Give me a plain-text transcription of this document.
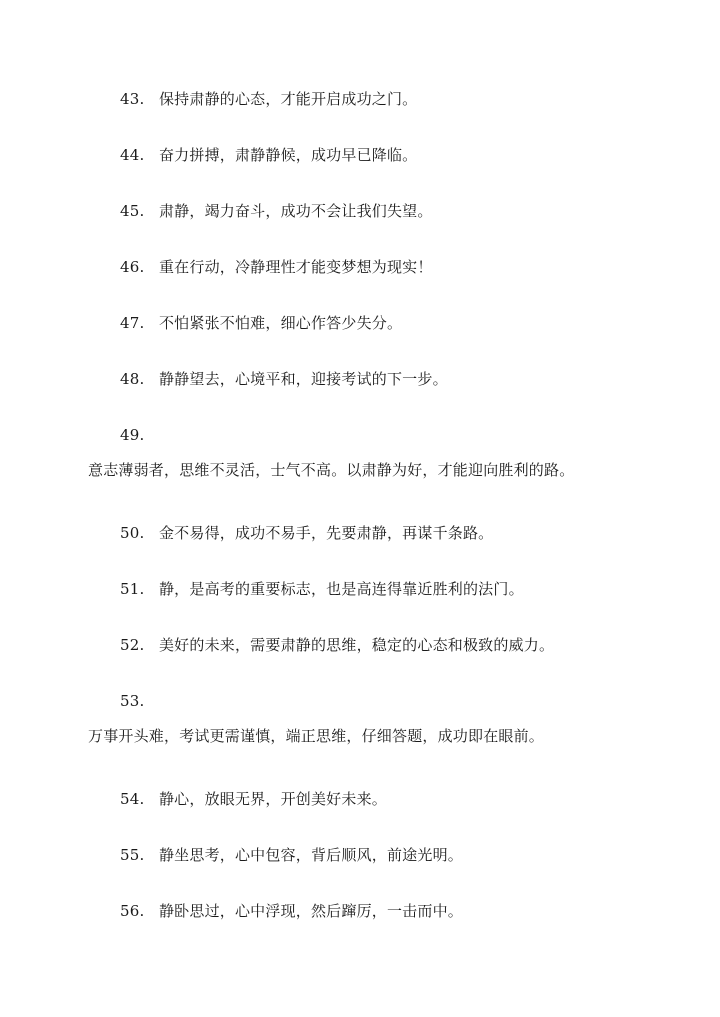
43. 保持肃静的心态，才能开启成功之门。
44. 奋力拼搏，肃静静候，成功早已降临。
45. 肃静，竭力奋斗，成功不会让我们失望。
46. 重在行动，冷静理性才能变梦想为现实！
47. 不怕紧张不怕难，细心作答少失分。
48. 静静望去，心境平和，迎接考试的下一步。
49.
意志薄弱者，思维不灵活，士气不高。以肃静为好，才能迎向胜利的路。
50. 金不易得，成功不易手，先要肃静，再谋千条路。
51. 静，是高考的重要标志，也是高连得靠近胜利的法门。
52. 美好的未来，需要肃静的思维，稳定的心态和极致的威力。
53.
万事开头难，考试更需谨慎，端正思维，仔细答题，成功即在眼前。
54. 静心，放眼无界，开创美好未来。
55. 静坐思考，心中包容，背后顺风，前途光明。
56. 静卧思过，心中浮现，然后蹿厉，一击而中。
